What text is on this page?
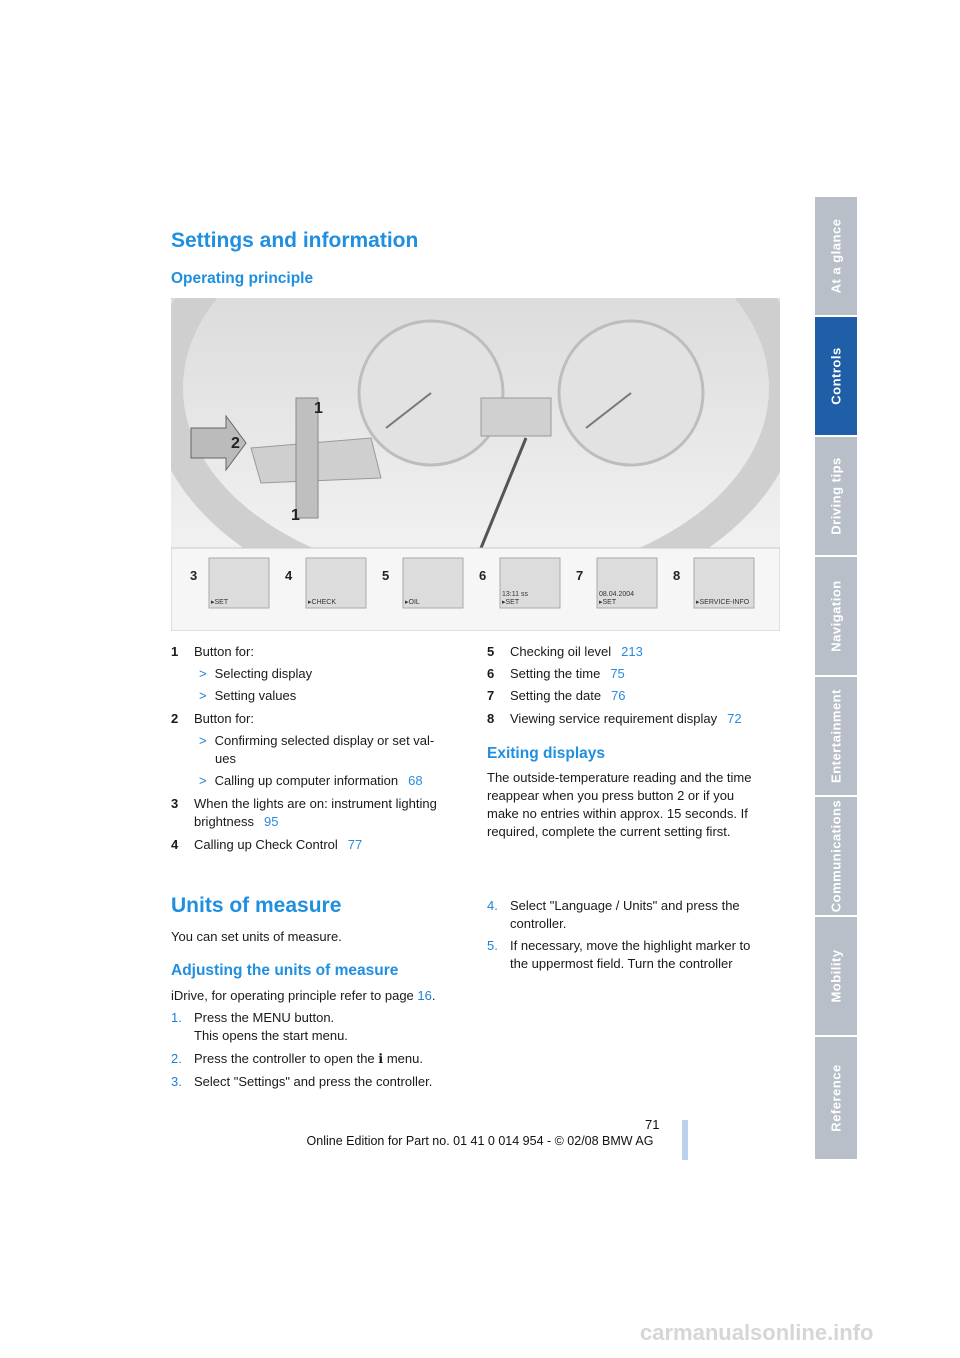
Settings and information
Operating principle
2
1
1
3	4	5	6	7	8
▸SET	▸CHECK	▸OIL
13:11 ss
▸SET
08.04.2004
▸SET	▸SERVICE-INFO
1 Button for:
> Selecting display
> Setting values
2 Button for:
> Confirming selected display or set val-
ues
> Calling up computer information 68
3 When the lights are on: instrument lighting
brightness 95
4 Calling up Check Control 77
5 Checking oil level 213
6 Setting the time 75
7 Setting the date 76
8 Viewing service requirement display 72
Exiting displays
The outside-temperature reading and the time
reappear when you press button 2 or if you
make no entries within approx. 15 seconds. If
required, complete the current setting first.
Units of measure
You can set units of measure.
Adjusting the units of measure
iDrive, for operating principle refer to page 16.
1. Press the MENU button.
This opens the start menu.
2. Press the controller to open the ℹ menu.
3. Select "Settings" and press the controller.
4. Select "Language / Units" and press the
controller.
5. If necessary, move the highlight marker to
the uppermost field. Turn the controller
At a glance
Controls
Driving tips
Navigation
Entertainment
Communications
Mobility
Reference
71
Online Edition for Part no. 01 41 0 014 954 - © 02/08 BMW AG
carmanualsonline.info
